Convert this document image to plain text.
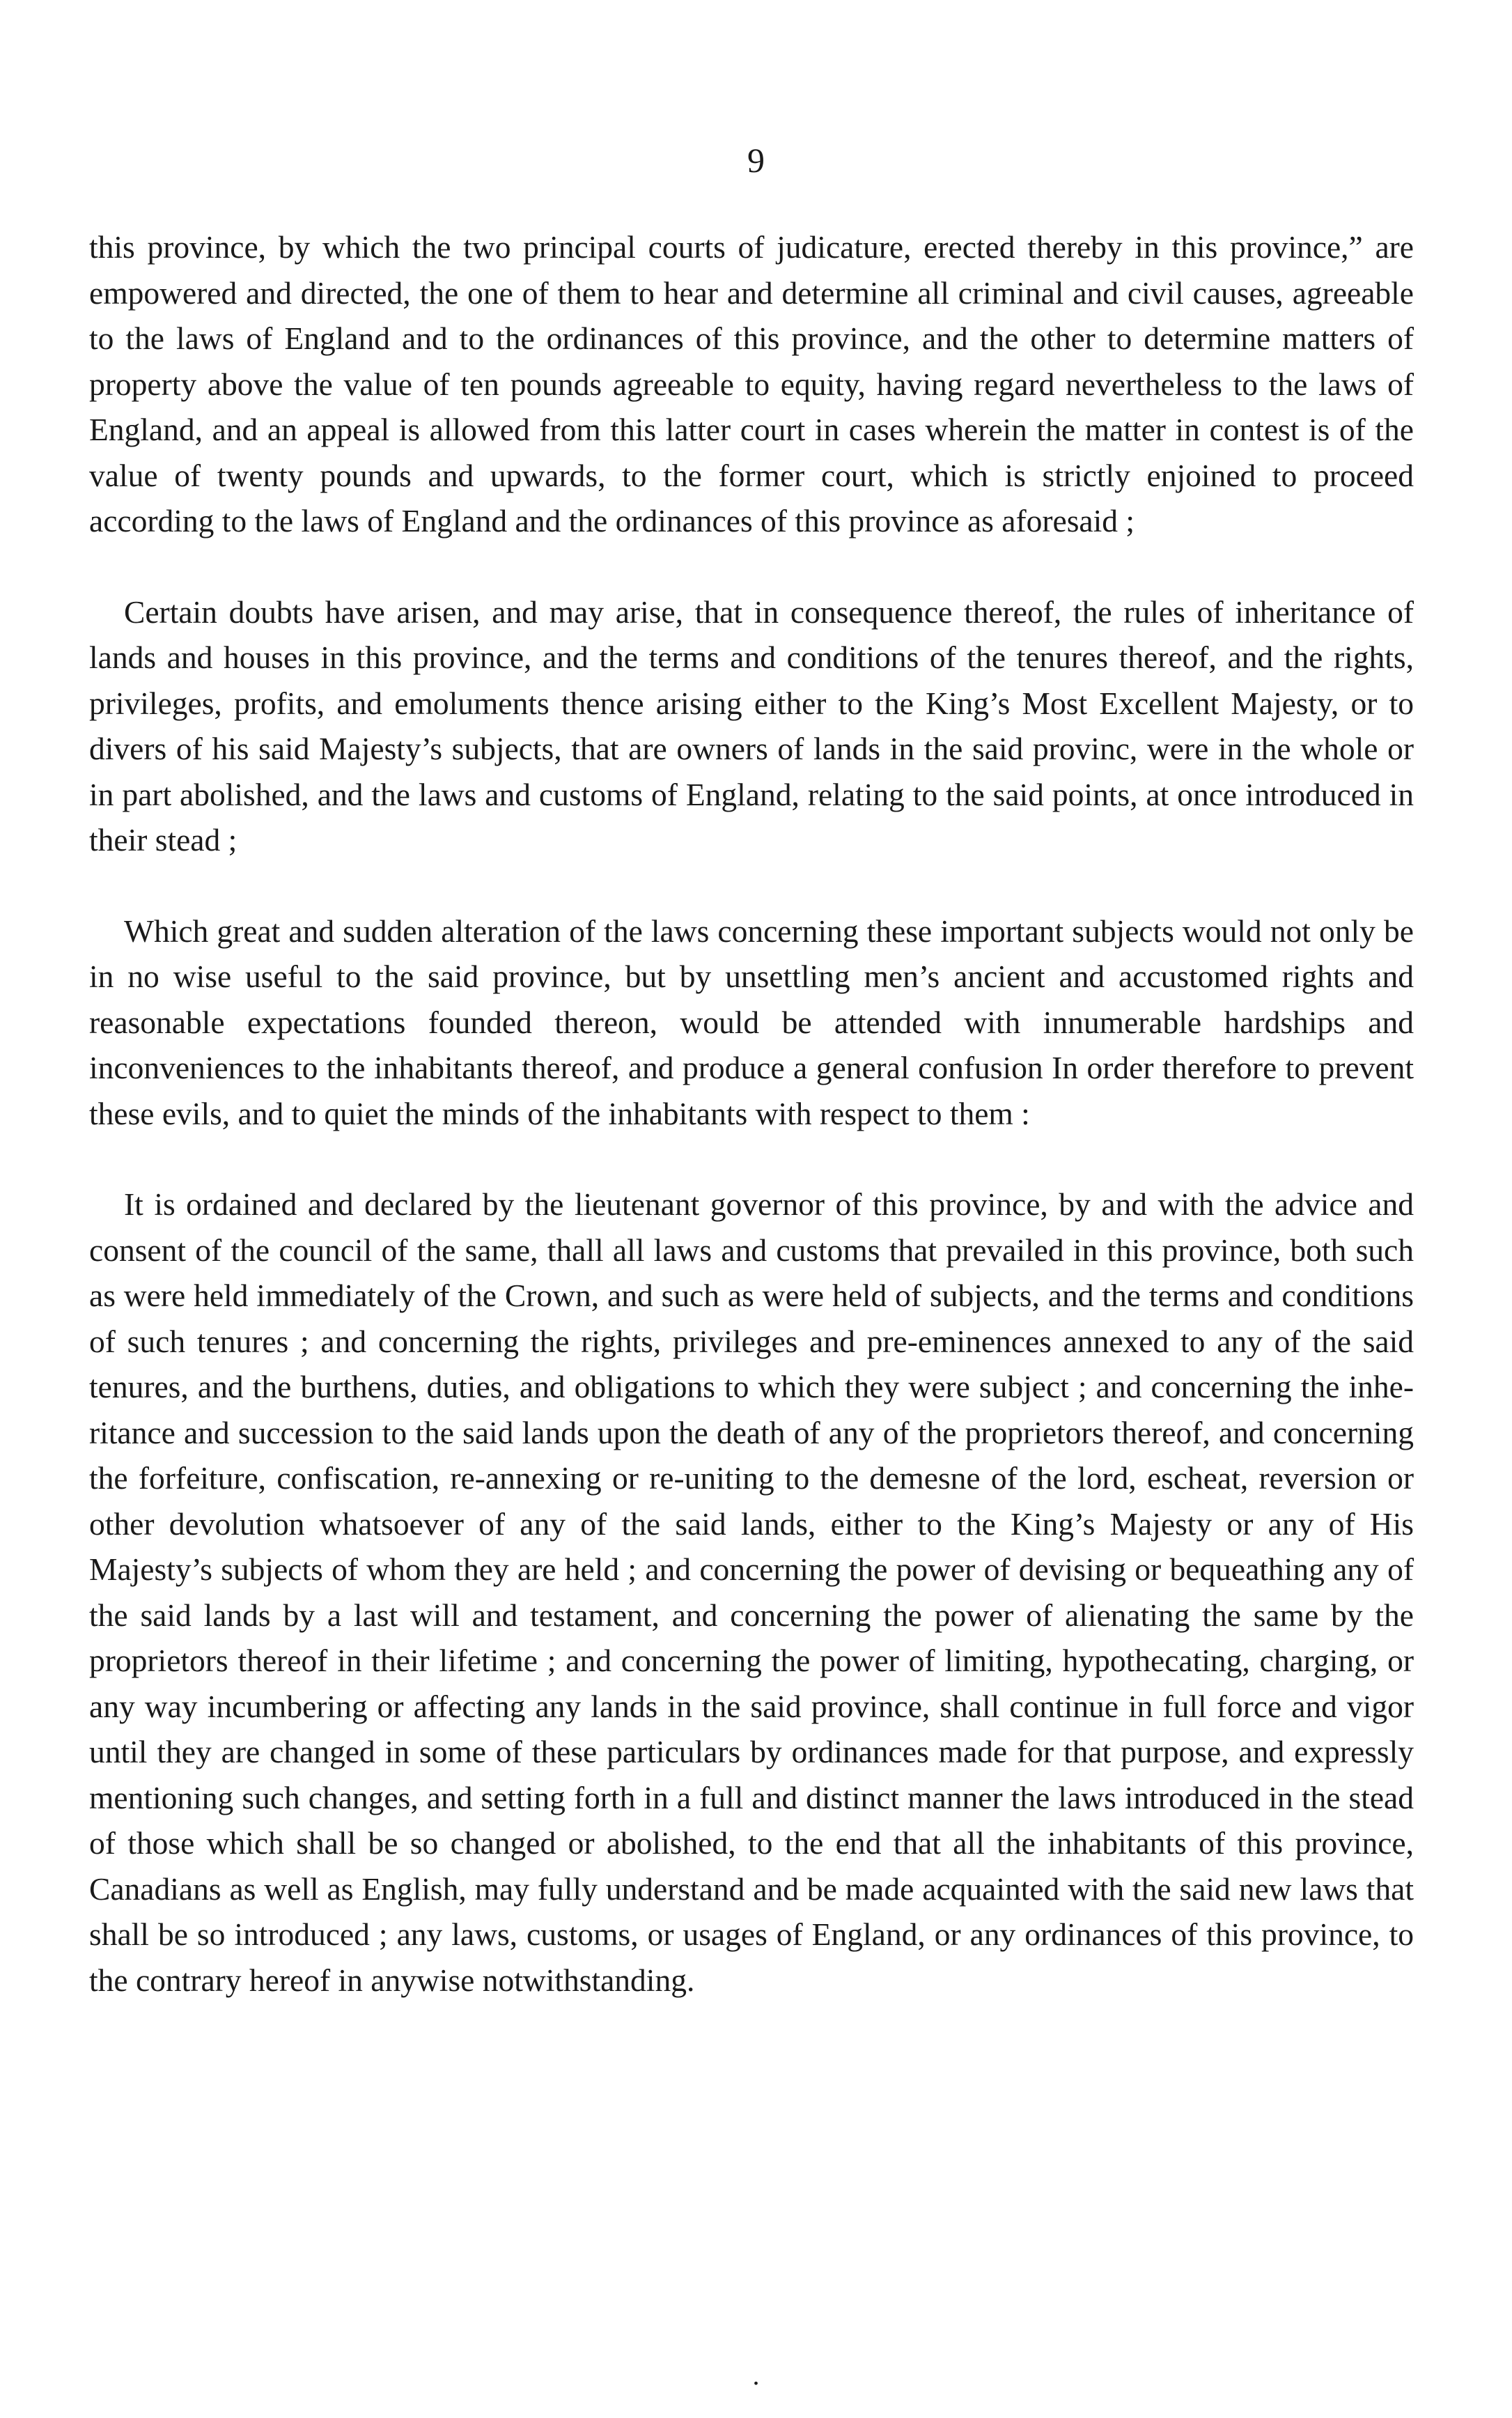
9

this province, by which the two principal courts of judicature, erected thereby in this province,” are empowered and directed, the one of them to hear and determine all criminal and civil causes, agreeable to the laws of England and to the ordinances of this province, and the other to determine matters of property above the value of ten pounds agreeable to equity, having regard nevertheless to the laws of England, and an appeal is allowed from this latter court in cases wherein the matter in contest is of the value of twenty pounds and upwards, to the former court, which is strictly enjoined to proceed according to the laws of England and the ordinances of this province as aforesaid ;

Certain doubts have arisen, and may arise, that in consequence thereof, the rules of inheritance of lands and houses in this province, and the terms and conditions of the tenures thereof, and the rights, privileges, profits, and emoluments thence arising either to the King’s Most Excellent Majesty, or to divers of his said Majesty’s subjects, that are owners of lands in the said provinc, were in the whole or in part abolished, and the laws and customs of England, relating to the said points, at once introduced in their stead ;

Which great and sudden alteration of the laws concerning these important subjects would not only be in no wise useful to the said province, but by unsettling men’s ancient and accustomed rights and reasonable expectations founded thereon, would be attended with innumerable hardships and inconveniences to the inhabitants thereof, and produce a general confusion In order therefore to prevent these evils, and to quiet the minds of the inhabitants with respect to them :

It is ordained and declared by the lieutenant governor of this province, by and with the advice and consent of the council of the same, thall all laws and customs that prevailed in this province, both such as were held immediately of the Crown, and such as were held of subjects, and the terms and conditions of such tenures ; and concerning the rights, privileges and pre-eminences annexed to any of the said tenures, and the burthens, duties, and obligations to which they were subject ; and concerning the inheritance and succession to the said lands upon the death of any of the proprietors thereof, and concerning the forfeiture, confiscation, re-annexing or re-uniting to the demesne of the lord, escheat, reversion or other devolution whatsoever of any of the said lands, either to the King’s Majesty or any of His Majesty’s subjects of whom they are held ; and concerning the power of devising or bequeathing any of the said lands by a last will and testament, and concerning the power of alienating the same by the proprietors thereof in their lifetime ; and concerning the power of limiting, hypothecating, charging, or any way incumbering or affecting any lands in the said province, shall continue in full force and vigor until they are changed in some of these particulars by ordinances made for that purpose, and expressly mentioning such changes, and setting forth in a full and distinct manner the laws introduced in the stead of those which shall be so changed or abolished, to the end that all the inhabitants of this province, Canadians as well as English, may fully understand and be made acquainted with the said new laws that shall be so introduced ; any laws, customs, or usages of England, or any ordinances of this province, to the contrary hereof in anywise notwithstanding.

.
